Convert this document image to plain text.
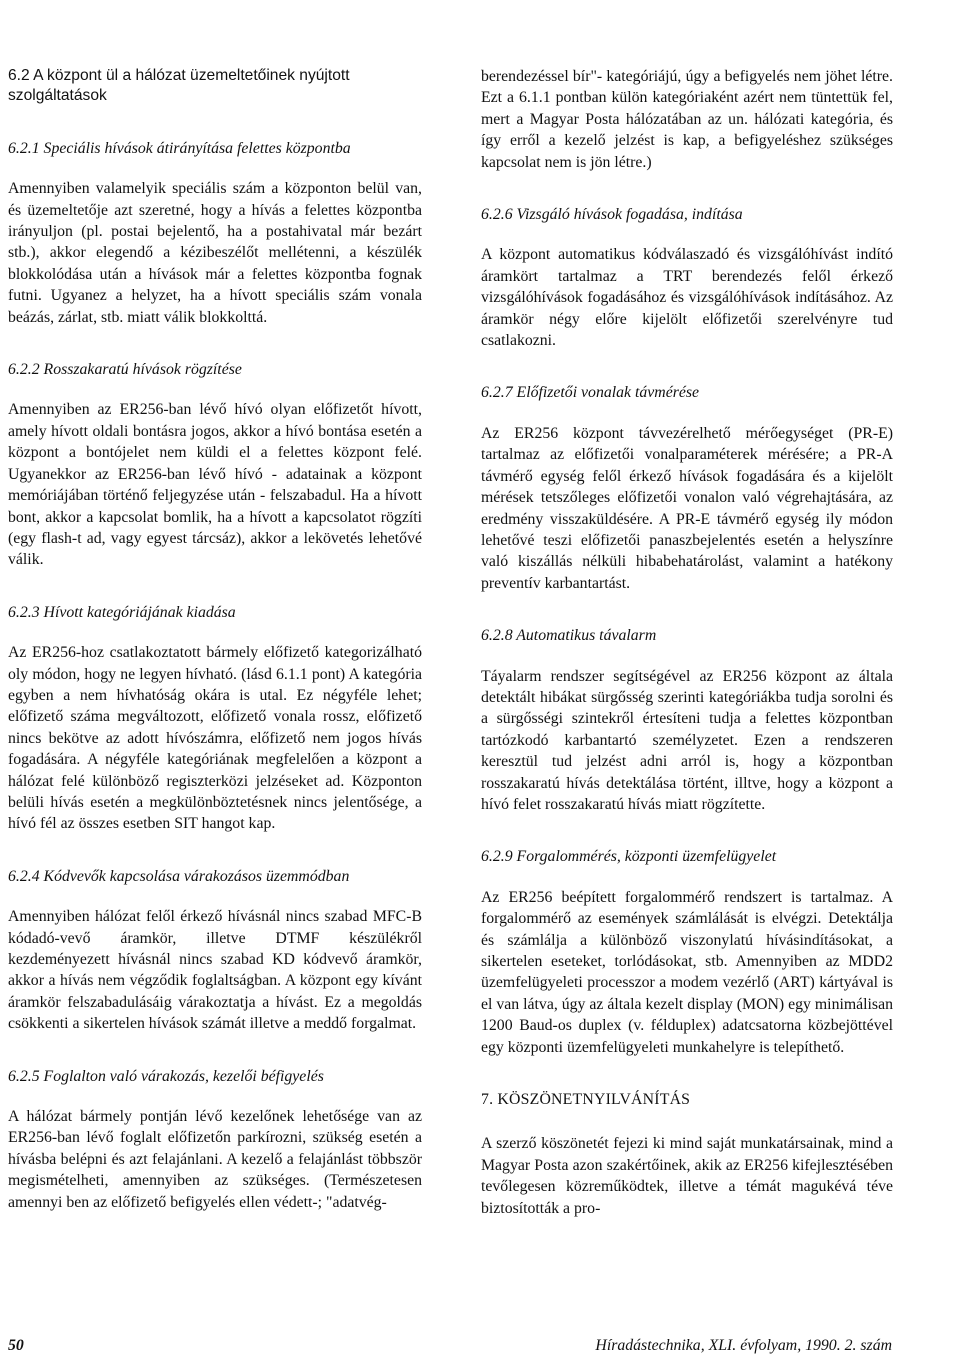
6.2 A központ ül a hálózat üzemeltetőinek nyújtott szolgáltatások
6.2.1 Speciális hívások átirányítása felettes központba
Amennyiben valamelyik speciális szám a központon belül van, és üzemeltetője azt szeretné, hogy a hívás a felettes központba irányuljon (pl. postai bejelentő, ha a postahivatal már bezárt stb.), akkor elegendő a kézibeszélőt mellétenni, a készülék blokkolódása után a hívások már a felettes központba fognak futni. Ugyanez a helyzet, ha a hívott speciális szám vonala beázás, zárlat, stb. miatt válik blokkolttá.
6.2.2 Rosszakaratú hívások rögzítése
Amennyiben az ER256-ban lévő hívó olyan előfizetőt hívott, amely hívott oldali bontásra jogos, akkor a hívó bontása esetén a központ a bontójelet nem küldi el a felettes központ felé. Ugyanekkor az ER256-ban lévő hívó - adatainak a központ memóriájában történő feljegyzése után - felszabadul. Ha a hívott bont, akkor a kapcsolat bomlik, ha a hívott a kapcsolatot rögzíti (egy flash-t ad, vagy egyest tárcsáz), akkor a lekövetés lehetővé válik.
6.2.3 Hívott kategóriájának kiadása
Az ER256-hoz csatlakoztatott bármely előfizető kategorizálható oly módon, hogy ne legyen hívható. (lásd 6.1.1 pont) A kategória egyben a nem hívhatóság okára is utal. Ez négyféle lehet; előfizető száma megváltozott, előfizető vonala rossz, előfizető nincs bekötve az adott hívószámra, előfizető nem jogos hívás fogadására. A négyféle kategóriának megfelelően a központ a hálózat felé különböző regiszterközi jelzéseket ad. Központon belüli hívás esetén a megkülönböztetésnek nincs jelentősége, a hívó fél az összes esetben SIT hangot kap.
6.2.4 Kódvevők kapcsolása várakozásos üzemmódban
Amennyiben hálózat felől érkező hívásnál nincs szabad MFC-B kódadó-vevő áramkör, illetve DTMF készülékről kezdeményezett hívásnál nincs szabad KD kódvevő áramkör, akkor a hívás nem végződik foglaltságban. A központ egy kívánt áramkör felszabadulásáig várakoztatja a hívást. Ez a megoldás csökkenti a sikertelen hívások számát illetve a meddő forgalmat.
6.2.5 Foglalton való várakozás, kezelői béfigyelés
A hálózat bármely pontján lévő kezelőnek lehetősége van az ER256-ban lévő foglalt előfizetőn parkírozni, szükség esetén a hívásba belépni és azt felajánlani. A kezelő a felajánlást többször megismételheti, amennyiben az szükséges. (Természetesen amennyi ben az előfizető befigyelés ellen védett-; "adatvég-
berendezéssel bír"- kategóriájú, úgy a befigyelés nem jöhet létre. Ezt a 6.1.1 pontban külön kategóriaként azért nem tüntettük fel, mert a Magyar Posta hálózatában az un. hálózati kategória, és így erről a kezelő jelzést is kap, a befigyeléshez szükséges kapcsolat nem is jön létre.)
6.2.6 Vizsgáló hívások fogadása, indítása
A központ automatikus kódválaszadó és vizsgálóhívást indító áramkört tartalmaz a TRT berendezés felől érkező vizsgálóhívások fogadásához és vizsgálóhívások indításához. Az áramkör négy előre kijelölt előfizetői szerelvényre tud csatlakozni.
6.2.7 Előfizetői vonalak távmérése
Az ER256 központ távvezérelhető mérőegységet (PR-E) tartalmaz az előfizetői vonalparaméterek mérésére; a PR-A távmérő egység felől érkező hívások fogadására és a kijelölt mérések tetszőleges előfizetői vonalon való végrehajtására, az eredmény visszaküldésére. A PR-E távmérő egység ily módon lehetővé teszi előfizetői panaszbejelentés esetén a helyszínre való kiszállás nélküli hibabehatárolást, valamint a hatékony preventív karbantartást.
6.2.8 Automatikus távalarm
Táyalarm rendszer segítségével az ER256 központ az általa detektált hibákat sürgősség szerinti kategóriákba tudja sorolni és a sürgősségi szintekről értesíteni tudja a felettes központban tartózkodó karbantartó személyzetet. Ezen a rendszeren keresztül tud jelzést adni arról is, hogy a központban rosszakaratú hívás detektálása történt, illtve, hogy a központ a hívó felet rosszakaratú hívás miatt rögzítette.
6.2.9 Forgalommérés, központi üzemfelügyelet
Az ER256 beépített forgalommérő rendszert is tartalmaz. A forgalommérő az események számlálását is elvégzi. Detektálja és számlálja a különböző viszonylatú hívásindításokat, a sikertelen eseteket, torlódásokat, stb. Amennyiben az MDD2 üzemfelügyeleti processzor a modem vezérlő (ART) kártyával is el van látva, úgy az általa kezelt display (MON) egy minimálisan 1200 Baud-os duplex (v. félduplex) adatcsatorna közbejöttével egy központi üzemfelügyeleti munkahelyre is telepíthető.
7. KÖSZÖNETNYILVÁNÍTÁS
A szerző köszönetét fejezi ki mind saját munkatársainak, mind a Magyar Posta azon szakértőinek, akik az ER256 kifejlesztésében tevőlegesen közreműködtek, illetve a témát magukévá téve biztosították a pro-
50	Híradástechnika, XLI. évfolyam, 1990. 2. szám
